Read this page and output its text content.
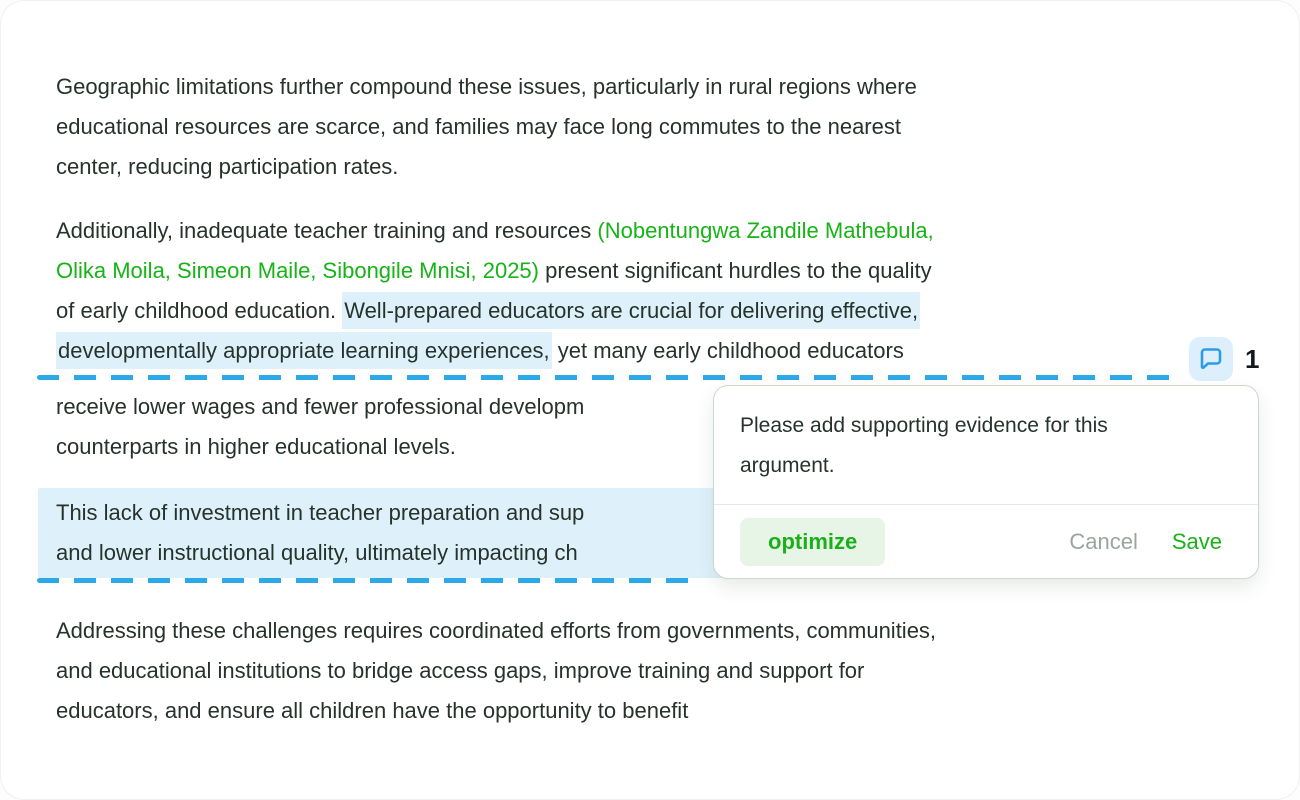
Geographic limitations further compound these issues, particularly in rural regions where
educational resources are scarce, and families may face long commutes to the nearest
center, reducing participation rates.
Additionally, inadequate teacher training and resources (Nobentungwa Zandile Mathebula,
Olika Moila, Simeon Maile, Sibongile Mnisi, 2025) present significant hurdles to the quality
of early childhood education. Well-prepared educators are crucial for delivering effective,
developmentally appropriate learning experiences, yet many early childhood educators
receive lower wages and fewer professional developm
counterparts in higher educational levels.
This lack of investment in teacher preparation and sup
and lower instructional quality, ultimately impacting ch
Addressing these challenges requires coordinated efforts from governments, communities,
and educational institutions to bridge access gaps, improve training and support for
educators, and ensure all children have the opportunity to benefit
1
Please add supporting evidence for this argument.
optimize	Cancel Save
